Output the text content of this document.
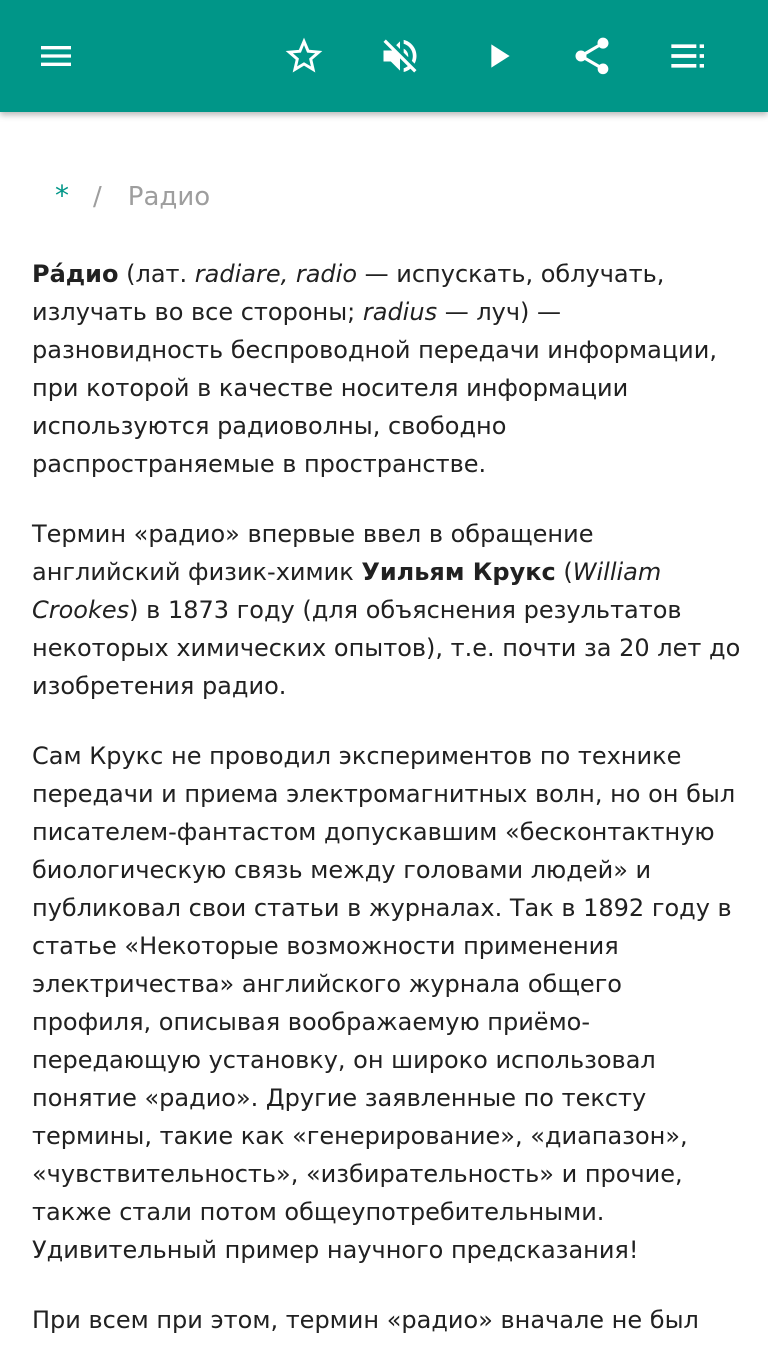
* / Радио

Ра́дио (лат. radiare, radio — испускать, облучать, излучать во все стороны; radius — луч) — разновидность беспроводной передачи информации, при которой в качестве носителя информации используются радиоволны, свободно распространяемые в пространстве.

Термин «радио» впервые ввел в обращение английский физик-химик Уильям Крукс (William Crookes) в 1873 году (для объяснения результатов некоторых химических опытов), т.е. почти за 20 лет до изобретения радио.

Сам Крукс не проводил экспериментов по технике передачи и приема электромагнитных волн, но он был писателем-фантастом допускавшим «бесконтактную биологическую связь между головами людей» и публиковал свои статьи в журналах. Так в 1892 году в статье «Некоторые возможности применения электричества» английского журнала общего профиля, описывая воображаемую приёмо-передающую установку, он широко использовал понятие «радио». Другие заявленные по тексту термины, такие как «генерирование», «диапазон», «чувствительность», «избирательность» и прочие, также стали потом общеупотребительными. Удивительный пример научного предсказания!

При всем при этом, термин «радио» вначале не был
